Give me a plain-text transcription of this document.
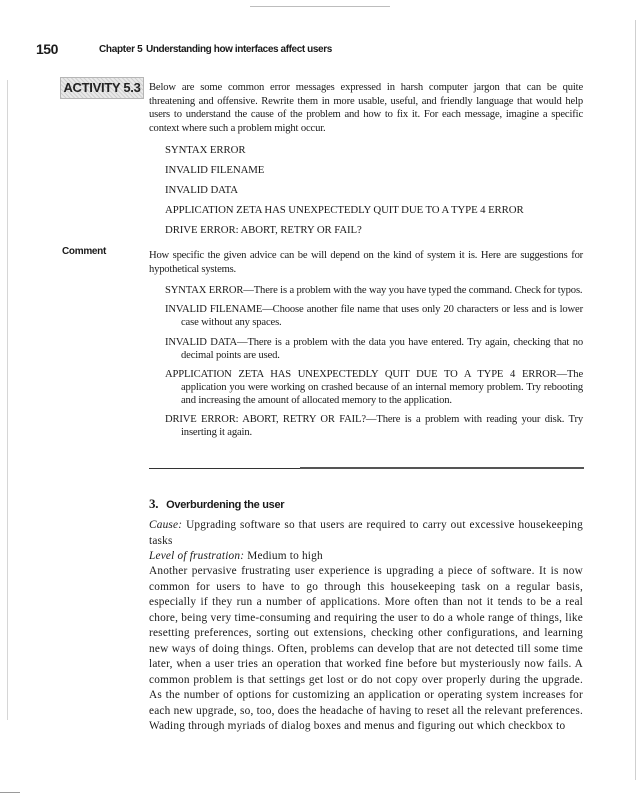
150	Chapter 5 Understanding how interfaces affect users
ACTIVITY 5.3 Below are some common error messages expressed in harsh computer jargon that can be quite threatening and offensive. Rewrite them in more usable, useful, and friendly language that would help users to understand the cause of the problem and how to fix it. For each message, imagine a specific context where such a problem might occur.

SYNTAX ERROR
INVALID FILENAME
INVALID DATA
APPLICATION ZETA HAS UNEXPECTEDLY QUIT DUE TO A TYPE 4 ERROR
DRIVE ERROR: ABORT, RETRY OR FAIL?
Comment	How specific the given advice can be will depend on the kind of system it is. Here are suggestions for hypothetical systems.

SYNTAX ERROR—There is a problem with the way you have typed the command. Check for typos.
INVALID FILENAME—Choose another file name that uses only 20 characters or less and is lower case without any spaces.
INVALID DATA—There is a problem with the data you have entered. Try again, checking that no decimal points are used.
APPLICATION ZETA HAS UNEXPECTEDLY QUIT DUE TO A TYPE 4 ERROR—The application you were working on crashed because of an internal memory problem. Try rebooting and increasing the amount of allocated memory to the application.
DRIVE ERROR: ABORT, RETRY OR FAIL?—There is a problem with reading your disk. Try inserting it again.
3. Overburdening the user

Cause: Upgrading software so that users are required to carry out excessive housekeeping tasks

Level of frustration: Medium to high

Another pervasive frustrating user experience is upgrading a piece of software. It is now common for users to have to go through this housekeeping task on a regular basis, especially if they run a number of applications. More often than not it tends to be a real chore, being very time-consuming and requiring the user to do a whole range of things, like resetting preferences, sorting out extensions, checking other configurations, and learning new ways of doing things. Often, problems can develop that are not detected till some time later, when a user tries an operation that worked fine before but mysteriously now fails. A common problem is that settings get lost or do not copy over properly during the upgrade. As the number of options for customizing an application or operating system increases for each new upgrade, so, too, does the headache of having to reset all the relevant preferences. Wading through myriads of dialog boxes and menus and figuring out which checkbox to
